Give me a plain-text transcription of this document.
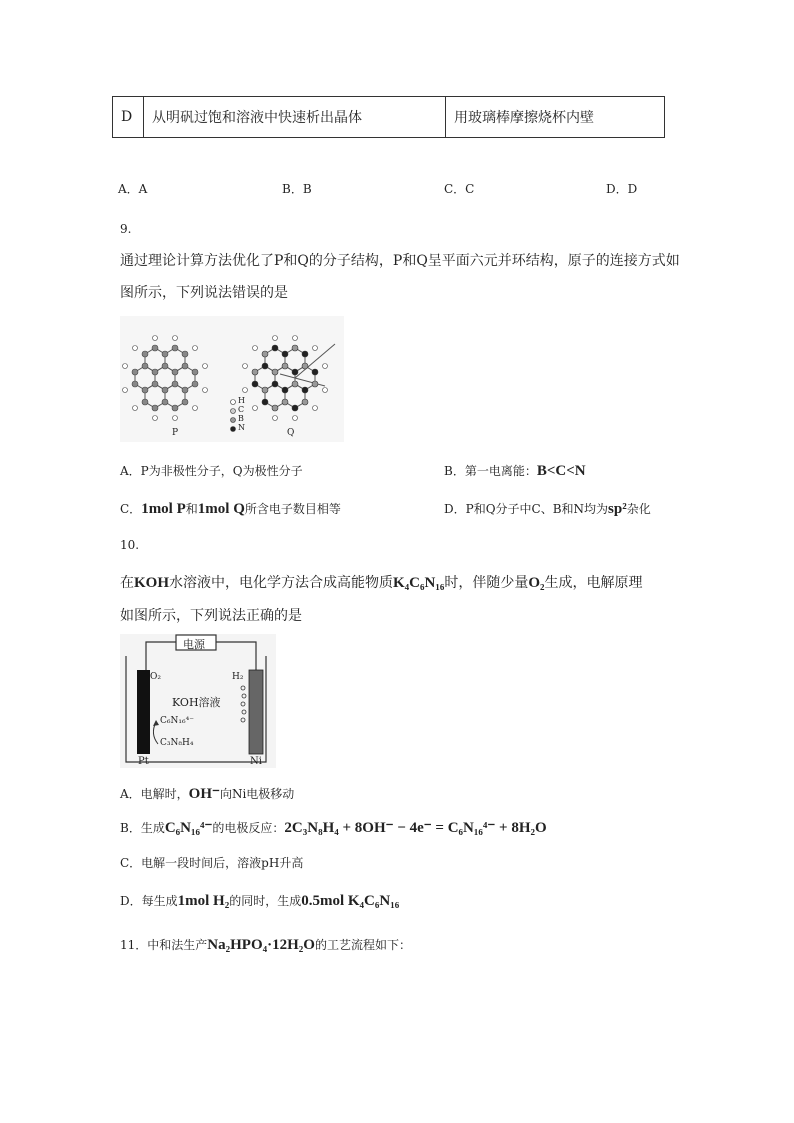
D	从明矾过饱和溶液中快速析出晶体	用玻璃棒摩擦烧杯内壁
A．A	B．B	C．C	D．D
9.
通过理论计算方法优化了P和Q的分子结构，P和Q呈平面六元并环结构，原子的连接方式如
图所示，下列说法错误的是
H
C
B
N
P	Q
A．P为非极性分子，Q为极性分子	B．第一电离能：B<C<N
C．1mol P和1mol Q所含电子数目相等	D．P和Q分子中C、B和N均为sp²杂化
10.
在KOH水溶液中，电化学方法合成高能物质K₄C₆N₁₆时，伴随少量O₂生成，电解原理
如图所示，下列说法正确的是
电源
O₂	H₂
KOH溶液
C₆N₁₆⁴⁻
C₃N₈H₄
Pt	Ni
A．电解时，OH⁻向Ni电极移动
B．生成C₆N₁₆⁴⁻的电极反应：2C₃N₈H₄ + 8OH⁻ − 4e⁻ = C₆N₁₆⁴⁻ + 8H₂O
C．电解一段时间后，溶液pH升高
D．每生成1mol H₂的同时，生成0.5mol K₄C₆N₁₆
11．中和法生产Na₂HPO₄·12H₂O的工艺流程如下：
